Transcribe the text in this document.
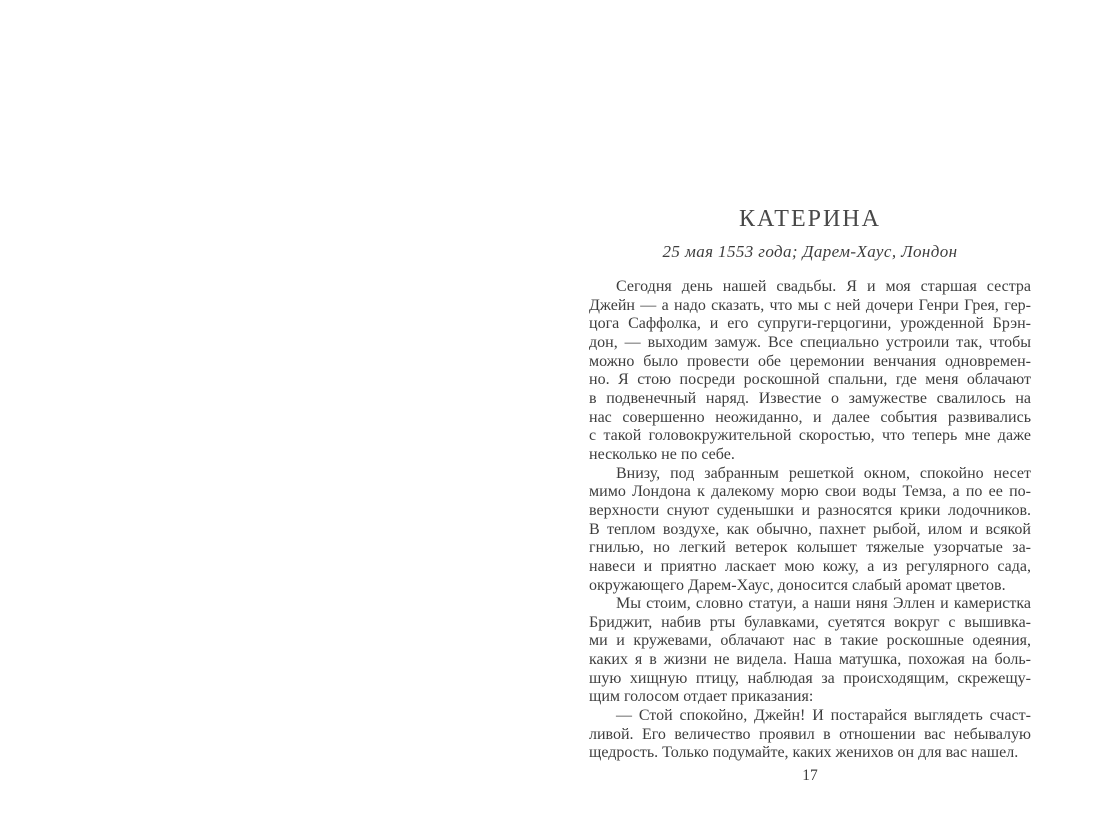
КАТЕРИНА
25 мая 1553 года; Дарем-Хаус, Лондон
Сегодня день нашей свадьбы. Я и моя старшая сестра
Джейн — а надо сказать, что мы с ней дочери Генри Грея, гер-
цога Саффолка, и его супруги-герцогини, урожденной Брэн-
дон, — выходим замуж. Все специально устроили так, чтобы
можно было провести обе церемонии венчания одновремен-
но. Я стою посреди роскошной спальни, где меня облачают
в подвенечный наряд. Известие о замужестве свалилось на
нас совершенно неожиданно, и далее события развивались
с такой головокружительной скоростью, что теперь мне даже
несколько не по себе.
Внизу, под забранным решеткой окном, спокойно несет
мимо Лондона к далекому морю свои воды Темза, а по ее по-
верхности снуют суденышки и разносятся крики лодочников.
В теплом воздухе, как обычно, пахнет рыбой, илом и всякой
гнилью, но легкий ветерок колышет тяжелые узорчатые за-
навеси и приятно ласкает мою кожу, а из регулярного сада,
окружающего Дарем-Хаус, доносится слабый аромат цветов.
Мы стоим, словно статуи, а наши няня Эллен и камеристка
Бриджит, набив рты булавками, суетятся вокруг с вышивка-
ми и кружевами, облачают нас в такие роскошные одеяния,
каких я в жизни не видела. Наша матушка, похожая на боль-
шую хищную птицу, наблюдая за происходящим, скрежещу-
щим голосом отдает приказания:
— Стой спокойно, Джейн! И постарайся выглядеть счаст-
ливой. Его величество проявил в отношении вас небывалую
щедрость. Только подумайте, каких женихов он для вас нашел.
17
